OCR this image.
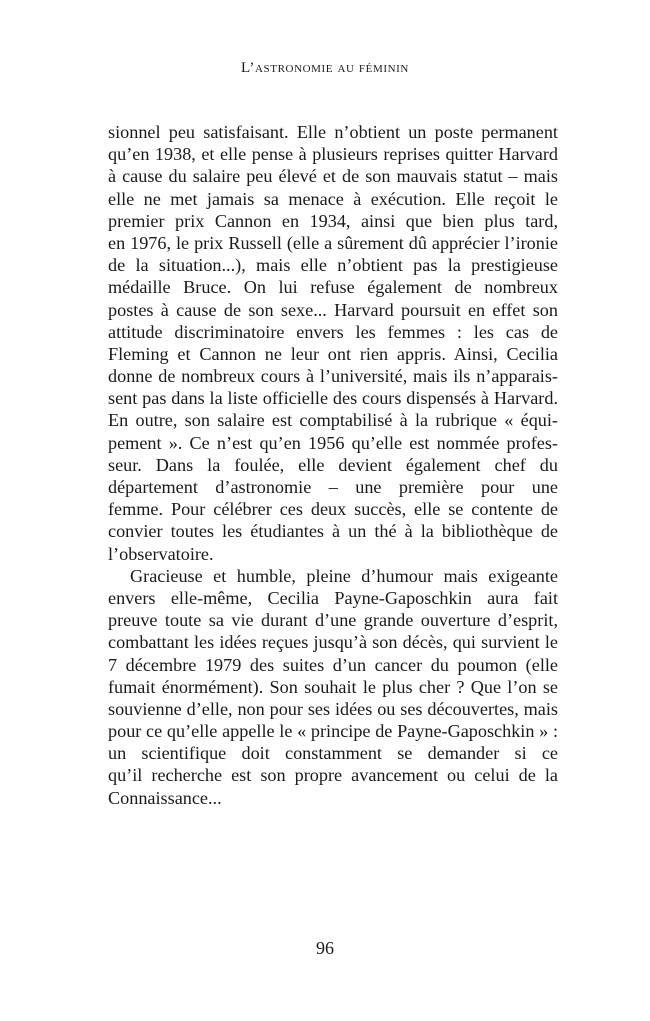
L’astronomie au féminin

sionnel peu satisfaisant. Elle n’obtient un poste permanent
qu’en 1938, et elle pense à plusieurs reprises quitter Harvard
à cause du salaire peu élevé et de son mauvais statut – mais
elle ne met jamais sa menace à exécution. Elle reçoit le
premier prix Cannon en 1934, ainsi que bien plus tard,
en 1976, le prix Russell (elle a sûrement dû apprécier l’ironie
de la situation...), mais elle n’obtient pas la prestigieuse
médaille Bruce. On lui refuse également de nombreux
postes à cause de son sexe... Harvard poursuit en effet son
attitude discriminatoire envers les femmes : les cas de
Fleming et Cannon ne leur ont rien appris. Ainsi, Cecilia
donne de nombreux cours à l’université, mais ils n’apparais-
sent pas dans la liste officielle des cours dispensés à Harvard.
En outre, son salaire est comptabilisé à la rubrique « équi-
pement ». Ce n’est qu’en 1956 qu’elle est nommée profes-
seur. Dans la foulée, elle devient également chef du
département d’astronomie – une première pour une
femme. Pour célébrer ces deux succès, elle se contente de
convier toutes les étudiantes à un thé à la bibliothèque de
l’observatoire.

Gracieuse et humble, pleine d’humour mais exigeante
envers elle-même, Cecilia Payne-Gaposchkin aura fait
preuve toute sa vie durant d’une grande ouverture d’esprit,
combattant les idées reçues jusqu’à son décès, qui survient le
7 décembre 1979 des suites d’un cancer du poumon (elle
fumait énormément). Son souhait le plus cher ? Que l’on se
souvienne d’elle, non pour ses idées ou ses découvertes, mais
pour ce qu’elle appelle le « principe de Payne-Gaposchkin » :
un scientifique doit constamment se demander si ce
qu’il recherche est son propre avancement ou celui de la
Connaissance...

96
